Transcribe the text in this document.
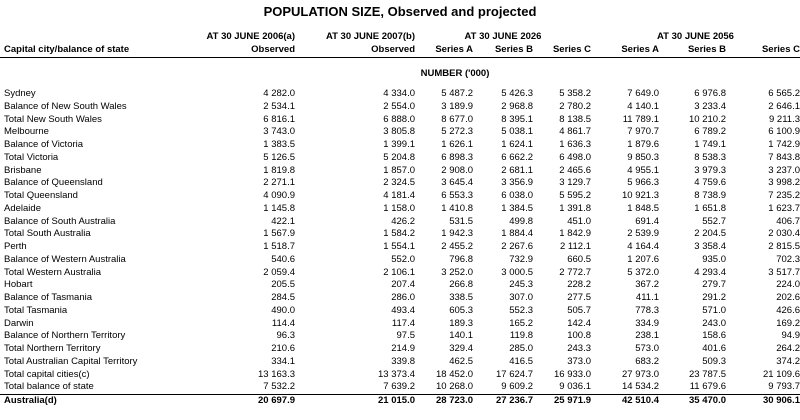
POPULATION SIZE, Observed and projected
	AT 30 JUNE 2006(a)	AT 30 JUNE 2007(b)	AT 30 JUNE 2026			AT 30 JUNE 2056		
Capital city/balance of state	Observed	Observed	Series A	Series B	Series C	Series A	Series B	Series C
NUMBER ('000)								
Sydney	4 282.0	4 334.0	5 487.2	5 426.3	5 358.2	7 649.0	6 976.8	6 565.2
Balance of New South Wales	2 534.1	2 554.0	3 189.9	2 968.8	2 780.2	4 140.1	3 233.4	2 646.1
Total New South Wales	6 816.1	6 888.0	8 677.0	8 395.1	8 138.5	11 789.1	10 210.2	9 211.3
Melbourne	3 743.0	3 805.8	5 272.3	5 038.1	4 861.7	7 970.7	6 789.2	6 100.9
Balance of Victoria	1 383.5	1 399.1	1 626.1	1 624.1	1 636.3	1 879.6	1 749.1	1 742.9
Total Victoria	5 126.5	5 204.8	6 898.3	6 662.2	6 498.0	9 850.3	8 538.3	7 843.8
Brisbane	1 819.8	1 857.0	2 908.0	2 681.1	2 465.6	4 955.1	3 979.3	3 237.0
Balance of Queensland	2 271.1	2 324.5	3 645.4	3 356.9	3 129.7	5 966.3	4 759.6	3 998.2
Total Queensland	4 090.9	4 181.4	6 553.3	6 038.0	5 595.2	10 921.3	8 738.9	7 235.2
Adelaide	1 145.8	1 158.0	1 410.8	1 384.5	1 391.8	1 848.5	1 651.8	1 623.7
Balance of South Australia	422.1	426.2	531.5	499.8	451.0	691.4	552.7	406.7
Total South Australia	1 567.9	1 584.2	1 942.3	1 884.4	1 842.9	2 539.9	2 204.5	2 030.4
Perth	1 518.7	1 554.1	2 455.2	2 267.6	2 112.1	4 164.4	3 358.4	2 815.5
Balance of Western Australia	540.6	552.0	796.8	732.9	660.5	1 207.6	935.0	702.3
Total Western Australia	2 059.4	2 106.1	3 252.0	3 000.5	2 772.7	5 372.0	4 293.4	3 517.7
Hobart	205.5	207.4	266.8	245.3	228.2	367.2	279.7	224.0
Balance of Tasmania	284.5	286.0	338.5	307.0	277.5	411.1	291.2	202.6
Total Tasmania	490.0	493.4	605.3	552.3	505.7	778.3	571.0	426.6
Darwin	114.4	117.4	189.3	165.2	142.4	334.9	243.0	169.2
Balance of Northern Territory	96.3	97.5	140.1	119.8	100.8	238.1	158.6	94.9
Total Northern Territory	210.6	214.9	329.4	285.0	243.3	573.0	401.6	264.2
Total Australian Capital Territory	334.1	339.8	462.5	416.5	373.0	683.2	509.3	374.2
Total capital cities(c)	13 163.3	13 373.4	18 452.0	17 624.7	16 933.0	27 973.0	23 787.5	21 109.6
Total balance of state	7 532.2	7 639.2	10 268.0	9 609.2	9 036.1	14 534.2	11 679.6	9 793.7
Australia(d)	20 697.9	21 015.0	28 723.0	27 236.7	25 971.9	42 510.4	35 470.0	30 906.1
